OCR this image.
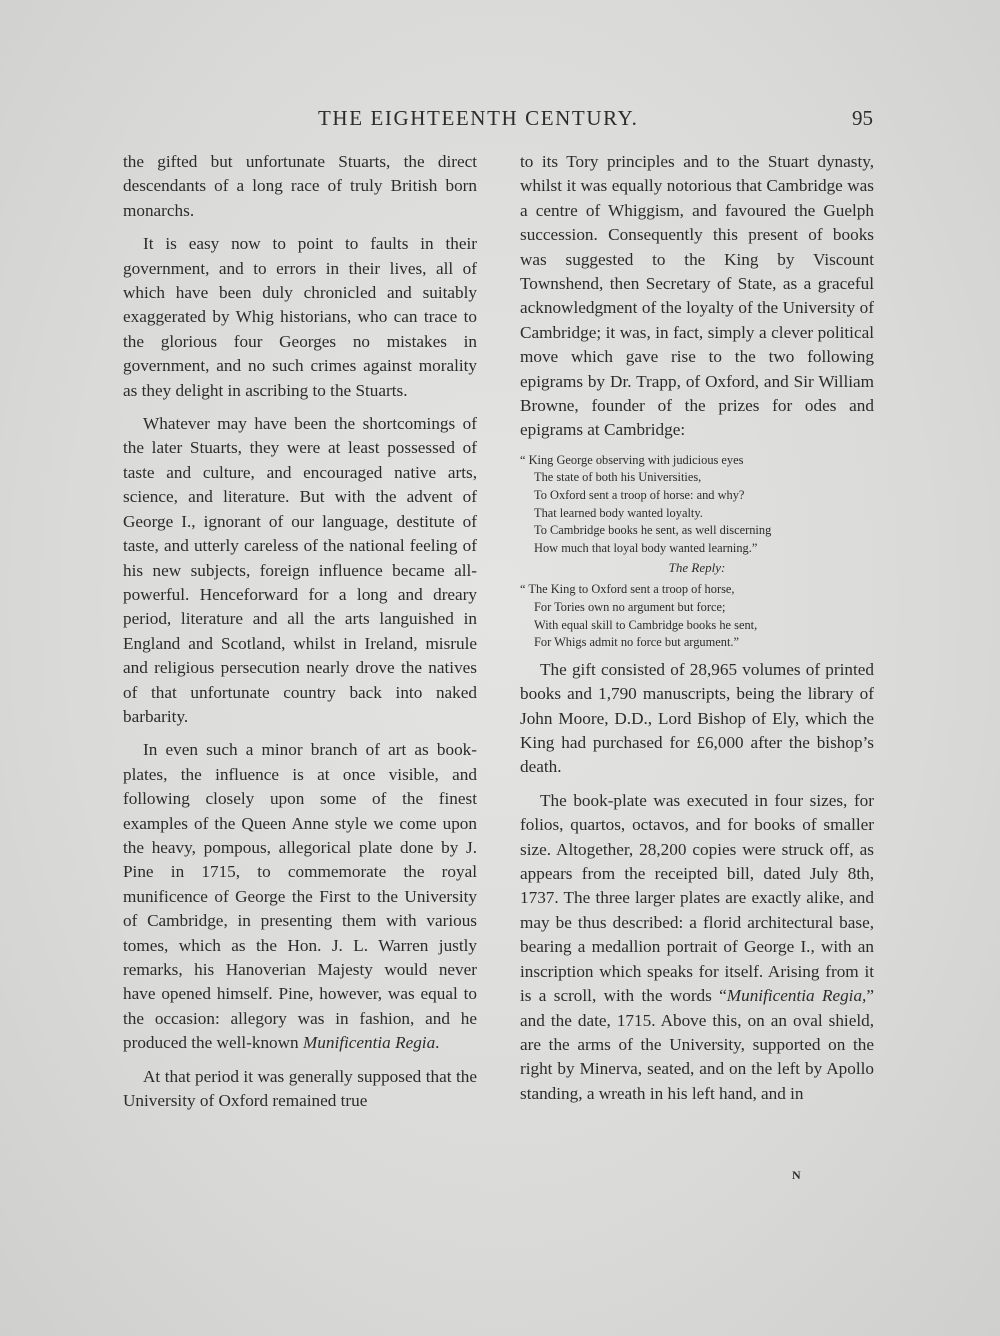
THE EIGHTEENTH CENTURY.	95

the gifted but unfortunate Stuarts, the direct descendants of a long race of truly British born monarchs.

It is easy now to point to faults in their government, and to errors in their lives, all of which have been duly chronicled and suitably exaggerated by Whig historians, who can trace to the glorious four Georges no mistakes in government, and no such crimes against morality as they delight in ascribing to the Stuarts.

Whatever may have been the shortcomings of the later Stuarts, they were at least possessed of taste and culture, and encouraged native arts, science, and literature. But with the advent of George I., ignorant of our language, destitute of taste, and utterly careless of the national feeling of his new subjects, foreign influence became all-powerful. Henceforward for a long and dreary period, literature and all the arts languished in England and Scotland, whilst in Ireland, misrule and religious persecution nearly drove the natives of that unfortunate country back into naked barbarity.

In even such a minor branch of art as book-plates, the influence is at once visible, and following closely upon some of the finest examples of the Queen Anne style we come upon the heavy, pompous, allegorical plate done by J. Pine in 1715, to commemorate the royal munificence of George the First to the University of Cambridge, in presenting them with various tomes, which as the Hon. J. L. Warren justly remarks, his Hanoverian Majesty would never have opened himself. Pine, however, was equal to the occasion: allegory was in fashion, and he produced the well-known Munificentia Regia.

At that period it was generally supposed that the University of Oxford remained true

to its Tory principles and to the Stuart dynasty, whilst it was equally notorious that Cambridge was a centre of Whiggism, and favoured the Guelph succession. Consequently this present of books was suggested to the King by Viscount Townshend, then Secretary of State, as a graceful acknowledgment of the loyalty of the University of Cambridge; it was, in fact, simply a clever political move which gave rise to the two following epigrams by Dr. Trapp, of Oxford, and Sir William Browne, founder of the prizes for odes and epigrams at Cambridge:

“ King George observing with judicious eyes
The state of both his Universities,
To Oxford sent a troop of horse: and why?
That learned body wanted loyalty.
To Cambridge books he sent, as well discerning
How much that loyal body wanted learning.”
The Reply:
“ The King to Oxford sent a troop of horse,
For Tories own no argument but force;
With equal skill to Cambridge books he sent,
For Whigs admit no force but argument.”

The gift consisted of 28,965 volumes of printed books and 1,790 manuscripts, being the library of John Moore, D.D., Lord Bishop of Ely, which the King had purchased for £6,000 after the bishop’s death.

The book-plate was executed in four sizes, for folios, quartos, octavos, and for books of smaller size. Altogether, 28,200 copies were struck off, as appears from the receipted bill, dated July 8th, 1737. The three larger plates are exactly alike, and may be thus described: a florid architectural base, bearing a medallion portrait of George I., with an inscription which speaks for itself. Arising from it is a scroll, with the words “Munificentia Regia,” and the date, 1715. Above this, on an oval shield, are the arms of the University, supported on the right by Minerva, seated, and on the left by Apollo standing, a wreath in his left hand, and in

N
